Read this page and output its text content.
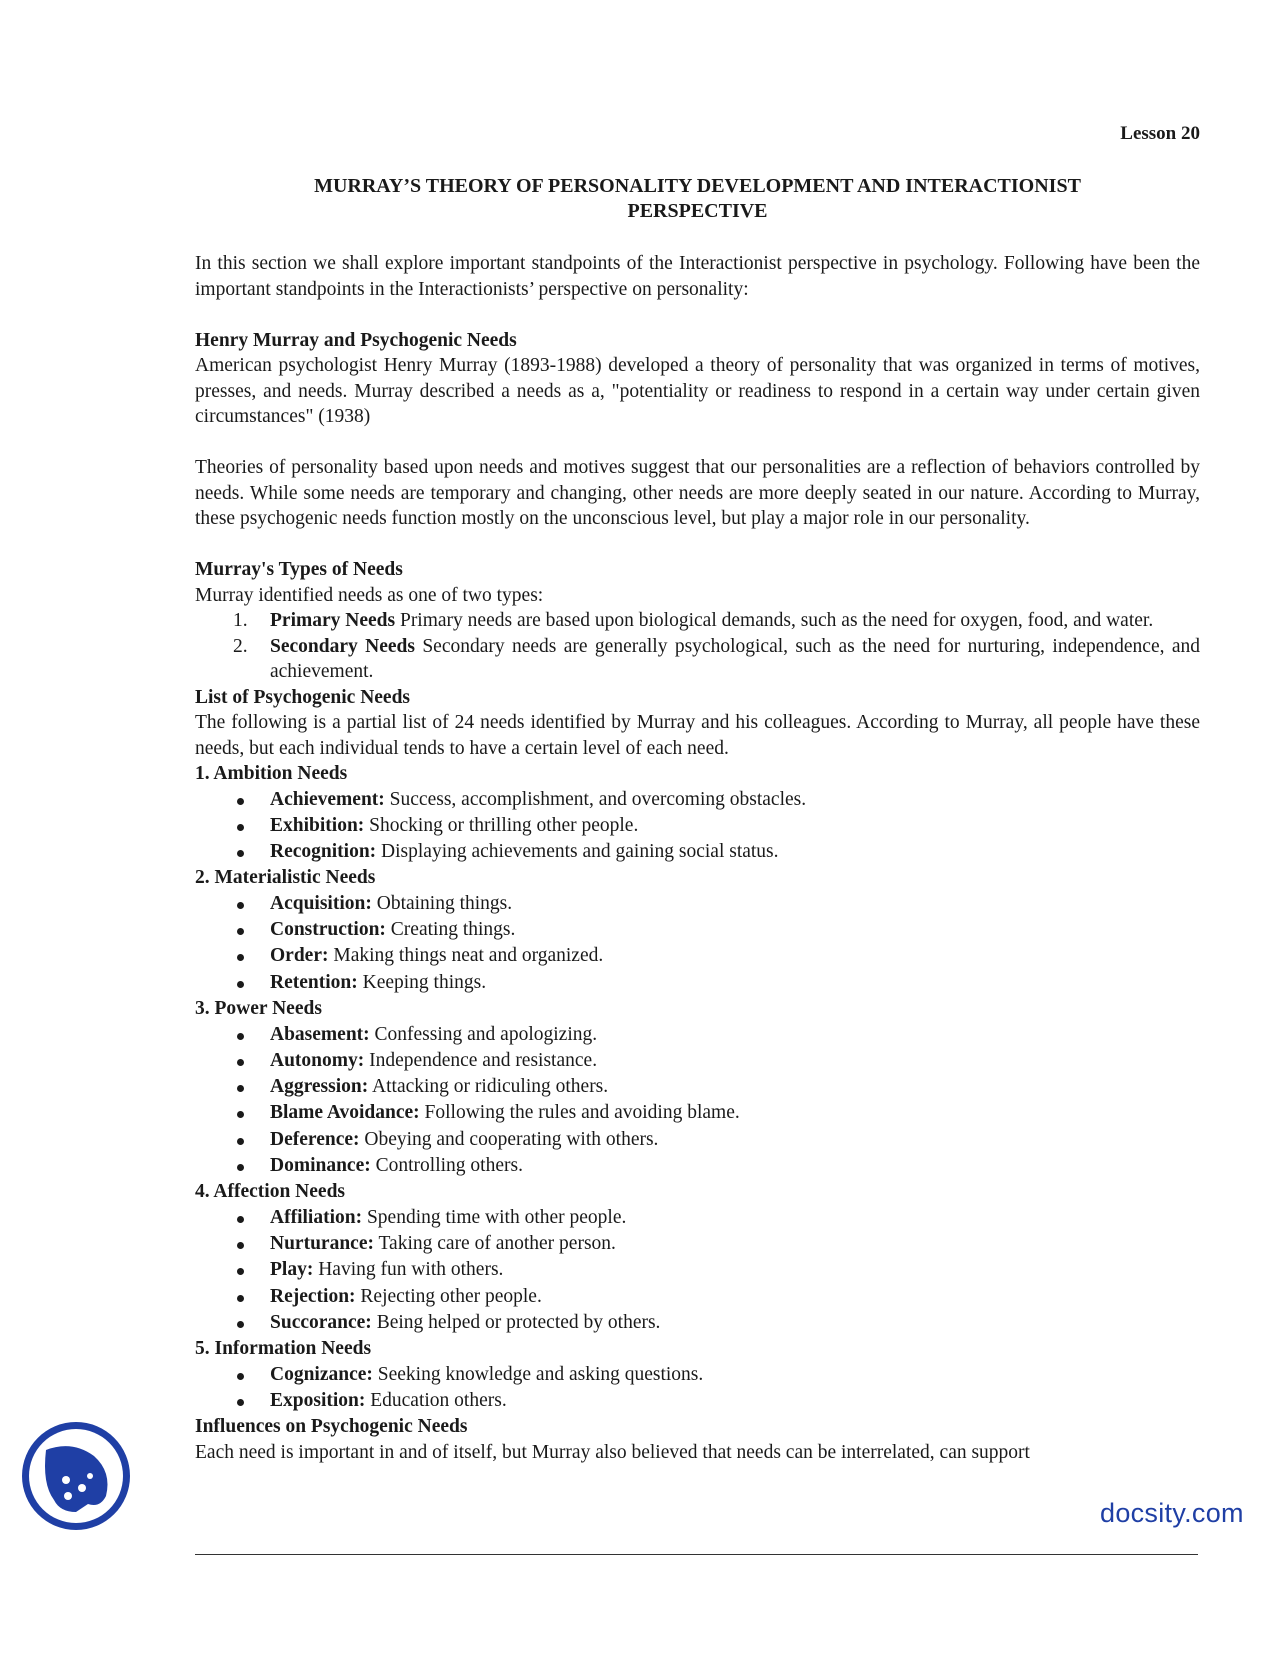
Lesson 20
MURRAY’S THEORY OF PERSONALITY DEVELOPMENT AND INTERACTIONIST
PERSPECTIVE

In this section we shall explore important standpoints of the Interactionist perspective in psychology. Following have been the important standpoints in the Interactionists’ perspective on personality:

Henry Murray and Psychogenic Needs

American psychologist Henry Murray (1893-1988) developed a theory of personality that was organized in terms of motives, presses, and needs. Murray described a needs as a, "potentiality or readiness to respond in a certain way under certain given circumstances" (1938)

Theories of personality based upon needs and motives suggest that our personalities are a reflection of behaviors controlled by needs. While some needs are temporary and changing, other needs are more deeply seated in our nature. According to Murray, these psychogenic needs function mostly on the unconscious level, but play a major role in our personality.

Murray's Types of Needs
Murray identified needs as one of two types:
1. Primary Needs Primary needs are based upon biological demands, such as the need for oxygen, food, and water.
2. Secondary Needs Secondary needs are generally psychological, such as the need for nurturing, independence, and achievement.
List of Psychogenic Needs

The following is a partial list of 24 needs identified by Murray and his colleagues. According to Murray, all people have these needs, but each individual tends to have a certain level of each need.

1. Ambition Needs
Achievement: Success, accomplishment, and overcoming obstacles.
Exhibition: Shocking or thrilling other people.
Recognition: Displaying achievements and gaining social status.
2. Materialistic Needs
Acquisition: Obtaining things.
Construction: Creating things.
Order: Making things neat and organized.
Retention: Keeping things.
3. Power Needs
Abasement: Confessing and apologizing.
Autonomy: Independence and resistance.
Aggression: Attacking or ridiculing others.
Blame Avoidance: Following the rules and avoiding blame.
Deference: Obeying and cooperating with others.
Dominance: Controlling others.
4. Affection Needs
Affiliation: Spending time with other people.
Nurturance: Taking care of another person.
Play: Having fun with others.
Rejection: Rejecting other people.
Succorance: Being helped or protected by others.
5. Information Needs
Cognizance: Seeking knowledge and asking questions.
Exposition: Education others.
Influences on Psychogenic Needs

Each need is important in and of itself, but Murray also believed that needs can be interrelated, can support

docsity.com
